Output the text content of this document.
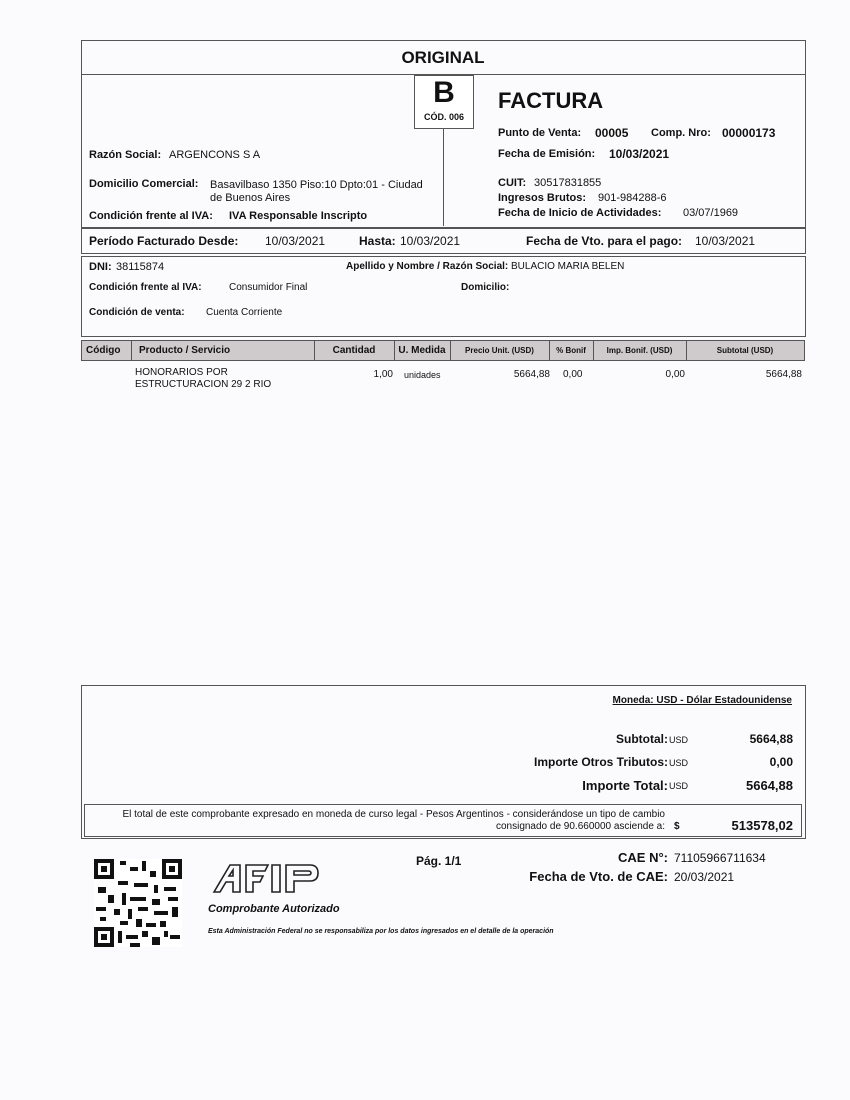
ORIGINAL
B
CÓD. 006
FACTURA
Punto de Venta: 00005 Comp. Nro: 00000173
Fecha de Emisión: 10/03/2021
Razón Social: ARGENCONS S A
CUIT: 30517831855
Domicilio Comercial: Basavilbaso 1350 Piso:10 Dpto:01 - Ciudad
de Buenos Aires	Ingresos Brutos: 901-984288-6
Fecha de Inicio de Actividades: 03/07/1969
Condición frente al IVA: IVA Responsable Inscripto
Período Facturado Desde: 10/03/2021	Hasta: 10/03/2021	Fecha de Vto. para el pago: 10/03/2021
DNI: 38115874	Apellido y Nombre / Razón Social: BULACIO MARIA BELEN
Condición frente al IVA:	Consumidor Final	Domicilio:
Condición de venta: Cuenta Corriente
Código Producto / Servicio	Cantidad	U. Medida	Precio Unit. (USD)	% Bonif	Imp. Bonif. (USD)	Subtotal (USD)
HONORARIOS POR
ESTRUCTURACION 29 2 RIO
1,00 unidades	5664,88 0,00	0,00	5664,88
Moneda: USD - Dólar Estadounidense
Subtotal: USD	5664,88
Importe Otros Tributos: USD	0,00
Importe Total: USD	5664,88
El total de este comprobante expresado en moneda de curso legal - Pesos Argentinos - considerándose un tipo de cambio
consignado de 90.660000 asciende a: $	513578,02
Pág. 1/1	CAE N°: 71105966711634
Fecha de Vto. de CAE: 20/03/2021
Comprobante Autorizado
Esta Administración Federal no se responsabiliza por los datos ingresados en el detalle de la operación
